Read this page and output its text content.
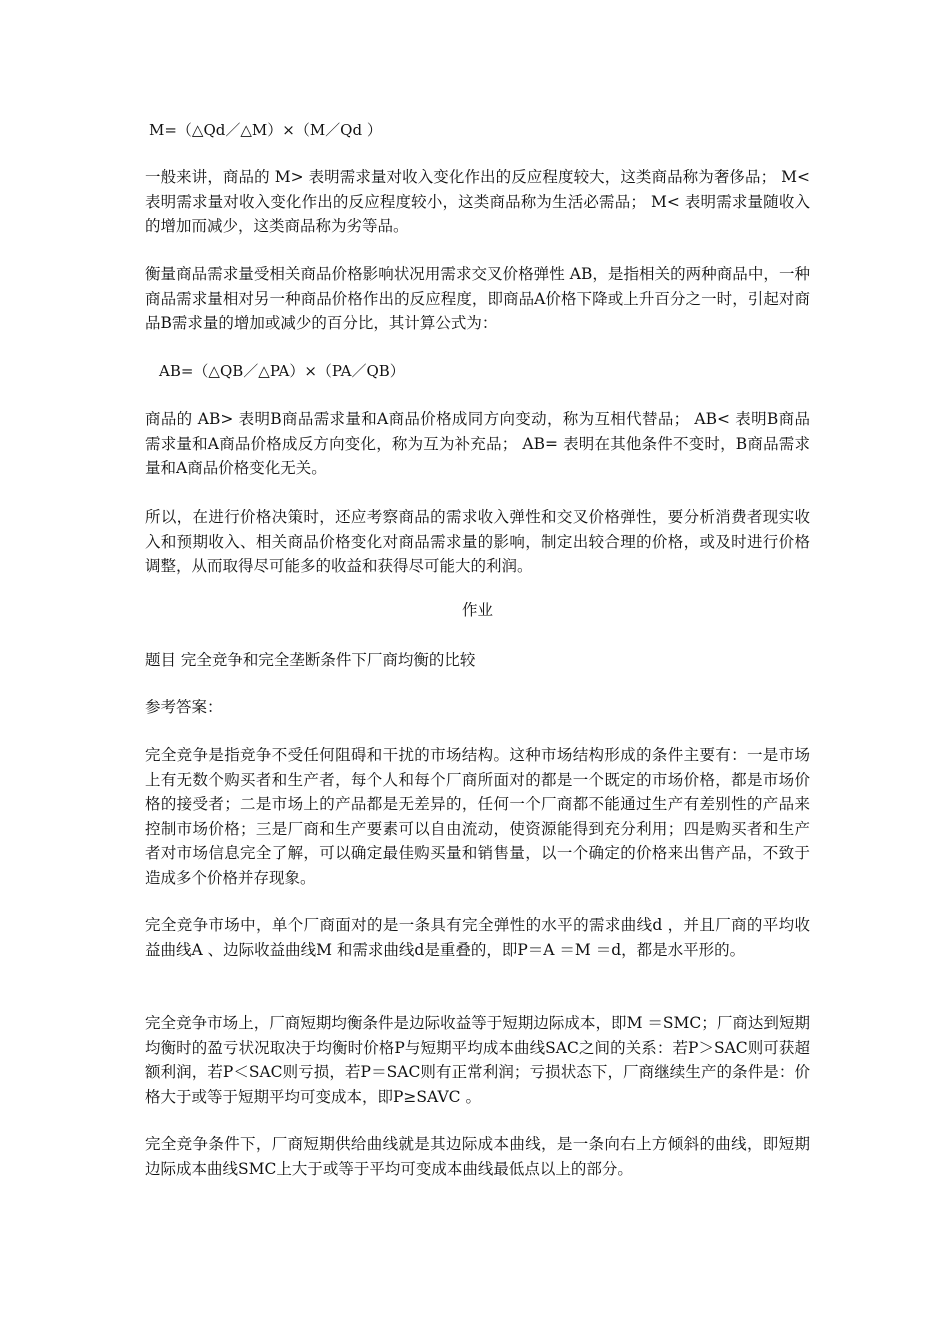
M=（△Qd／△M）×（M／Qd ）

一般来讲，商品的 M> 表明需求量对收入变化作出的反应程度较大，这类商品称为奢侈品； M< 表明需求量对收入变化作出的反应程度较小，这类商品称为生活必需品； M< 表明需求量随收入的增加而减少，这类商品称为劣等品。

衡量商品需求量受相关商品价格影响状况用需求交叉价格弹性 AB，是指相关的两种商品中，一种商品需求量相对另一种商品价格作出的反应程度，即商品A价格下降或上升百分之一时，引起对商品B需求量的增加或减少的百分比，其计算公式为：

AB=（△QB／△PA）×（PA／QB）

商品的 AB> 表明B商品需求量和A商品价格成同方向变动，称为互相代替品； AB< 表明B商品需求量和A商品价格成反方向变化，称为互为补充品； AB= 表明在其他条件不变时，B商品需求量和A商品价格变化无关。

所以，在进行价格决策时，还应考察商品的需求收入弹性和交叉价格弹性，要分析消费者现实收入和预期收入、相关商品价格变化对商品需求量的影响，制定出较合理的价格，或及时进行价格调整，从而取得尽可能多的收益和获得尽可能大的利润。

作业

题目 完全竞争和完全垄断条件下厂商均衡的比较

参考答案：

完全竞争是指竞争不受任何阻碍和干扰的市场结构。这种市场结构形成的条件主要有：一是市场上有无数个购买者和生产者，每个人和每个厂商所面对的都是一个既定的市场价格，都是市场价格的接受者；二是市场上的产品都是无差异的，任何一个厂商都不能通过生产有差别性的产品来控制市场价格；三是厂商和生产要素可以自由流动，使资源能得到充分利用；四是购买者和生产者对市场信息完全了解，可以确定最佳购买量和销售量，以一个确定的价格来出售产品，不致于造成多个价格并存现象。

完全竞争市场中，单个厂商面对的是一条具有完全弹性的水平的需求曲线d ，并且厂商的平均收益曲线A 、边际收益曲线M 和需求曲线d是重叠的，即P＝A ＝M ＝d，都是水平形的。

完全竞争市场上，厂商短期均衡条件是边际收益等于短期边际成本，即M ＝SMC；厂商达到短期均衡时的盈亏状况取决于均衡时价格P与短期平均成本曲线SAC之间的关系：若P＞SAC则可获超额利润，若P＜SAC则亏损，若P＝SAC则有正常利润；亏损状态下，厂商继续生产的条件是：价格大于或等于短期平均可变成本，即P≥SAVC 。

完全竞争条件下，厂商短期供给曲线就是其边际成本曲线，是一条向右上方倾斜的曲线，即短期边际成本曲线SMC上大于或等于平均可变成本曲线最低点以上的部分。
